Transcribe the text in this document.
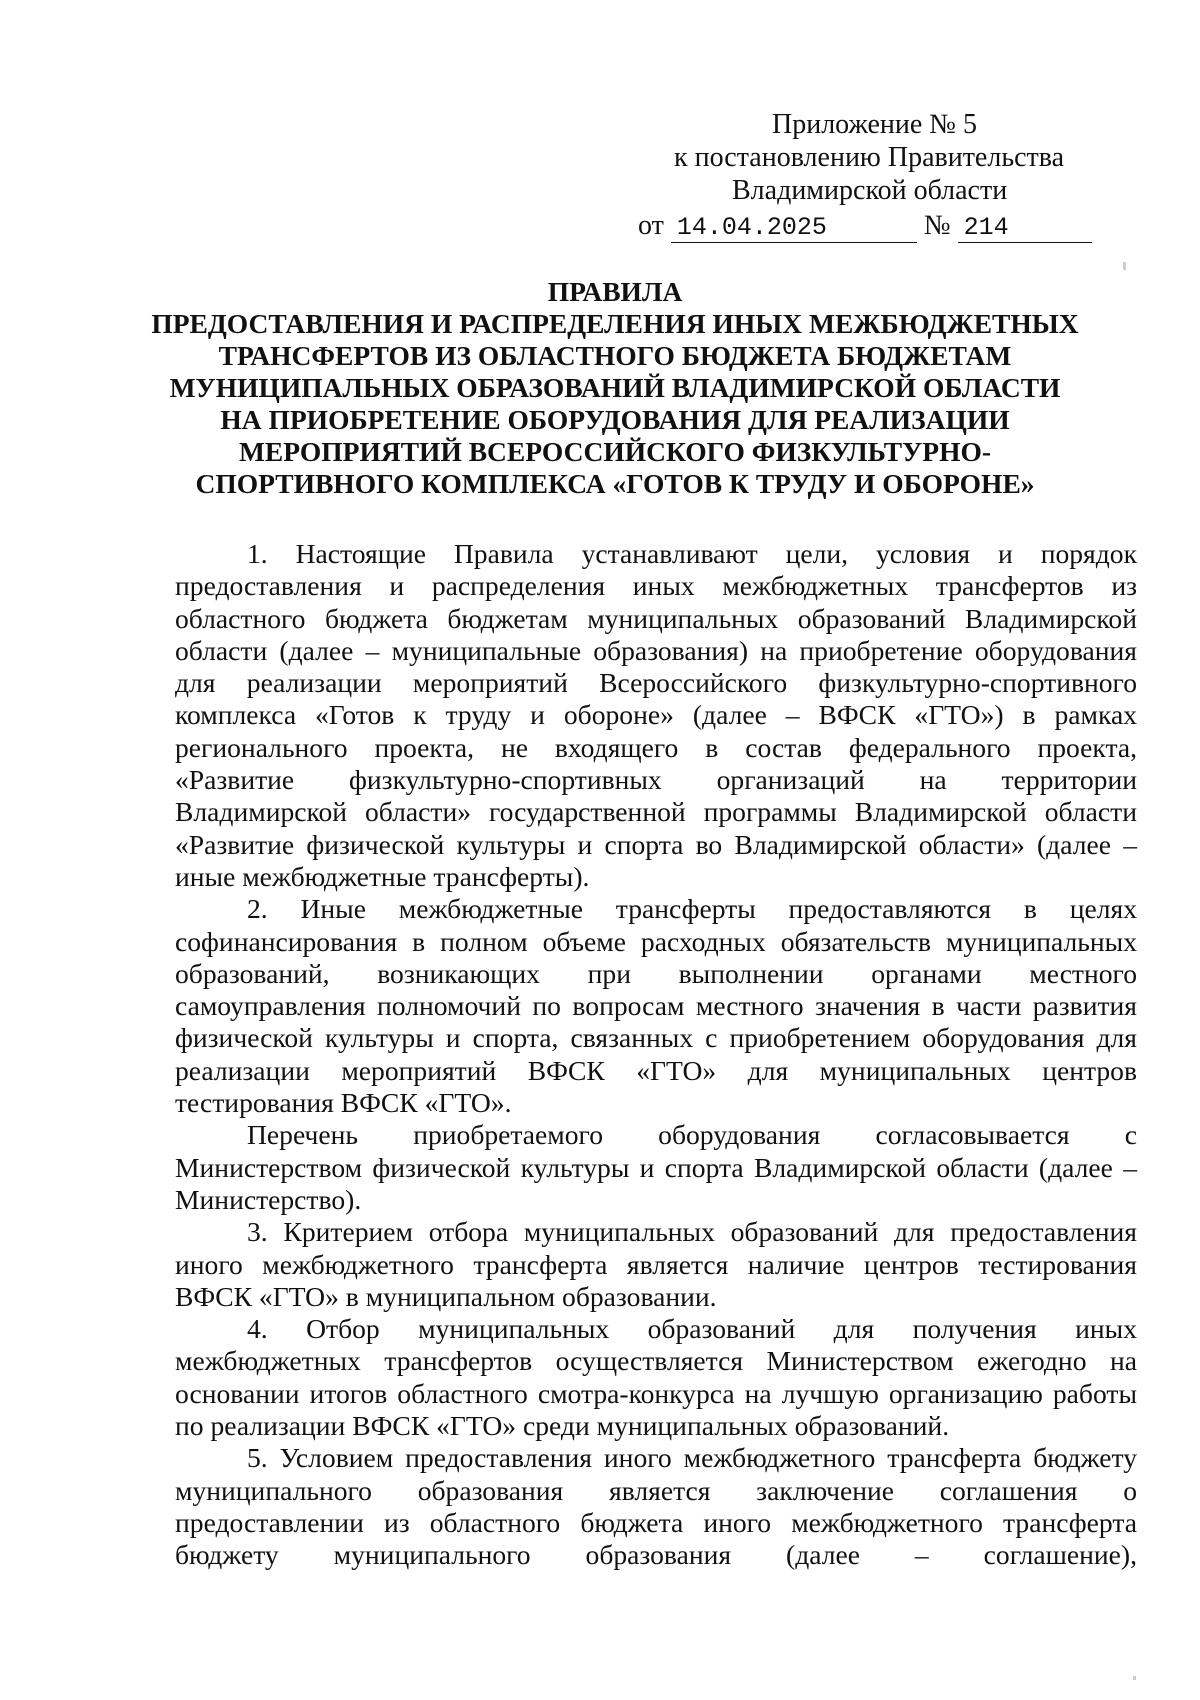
Приложение № 5
к постановлению Правительства
Владимирской области
от 14.04.2025	№ 214
ПРАВИЛА
ПРЕДОСТАВЛЕНИЯ И РАСПРЕДЕЛЕНИЯ ИНЫХ МЕЖБЮДЖЕТНЫХ
ТРАНСФЕРТОВ ИЗ ОБЛАСТНОГО БЮДЖЕТА БЮДЖЕТАМ
МУНИЦИПАЛЬНЫХ ОБРАЗОВАНИЙ ВЛАДИМИРСКОЙ ОБЛАСТИ
НА ПРИОБРЕТЕНИЕ ОБОРУДОВАНИЯ ДЛЯ РЕАЛИЗАЦИИ
МЕРОПРИЯТИЙ ВСЕРОССИЙСКОГО ФИЗКУЛЬТУРНО-
СПОРТИВНОГО КОМПЛЕКСА «ГОТОВ К ТРУДУ И ОБОРОНЕ»
1. Настоящие Правила устанавливают цели, условия и порядок
предоставления и распределения иных межбюджетных трансфертов из
областного бюджета бюджетам муниципальных образований Владимирской
области (далее – муниципальные образования) на приобретение оборудования
для реализации мероприятий Всероссийского физкультурно-спортивного
комплекса «Готов к труду и обороне» (далее – ВФСК «ГТО») в рамках
регионального проекта, не входящего в состав федерального проекта,
«Развитие физкультурно-спортивных организаций на территории
Владимирской области» государственной программы Владимирской области
«Развитие физической культуры и спорта во Владимирской области» (далее –
иные межбюджетные трансферты).
2. Иные межбюджетные трансферты предоставляются в целях
софинансирования в полном объеме расходных обязательств муниципальных
образований, возникающих при выполнении органами местного
самоуправления полномочий по вопросам местного значения в части развития
физической культуры и спорта, связанных с приобретением оборудования для
реализации мероприятий ВФСК «ГТО» для муниципальных центров
тестирования ВФСК «ГТО».
Перечень приобретаемого оборудования согласовывается с
Министерством физической культуры и спорта Владимирской области (далее –
Министерство).
3. Критерием отбора муниципальных образований для предоставления
иного межбюджетного трансферта является наличие центров тестирования
ВФСК «ГТО» в муниципальном образовании.
4. Отбор муниципальных образований для получения иных
межбюджетных трансфертов осуществляется Министерством ежегодно на
основании итогов областного смотра-конкурса на лучшую организацию работы
по реализации ВФСК «ГТО» среди муниципальных образований.
5. Условием предоставления иного межбюджетного трансферта бюджету
муниципального образования является заключение соглашения о
предоставлении из областного бюджета иного межбюджетного трансферта
бюджету муниципального образования (далее – соглашение),
